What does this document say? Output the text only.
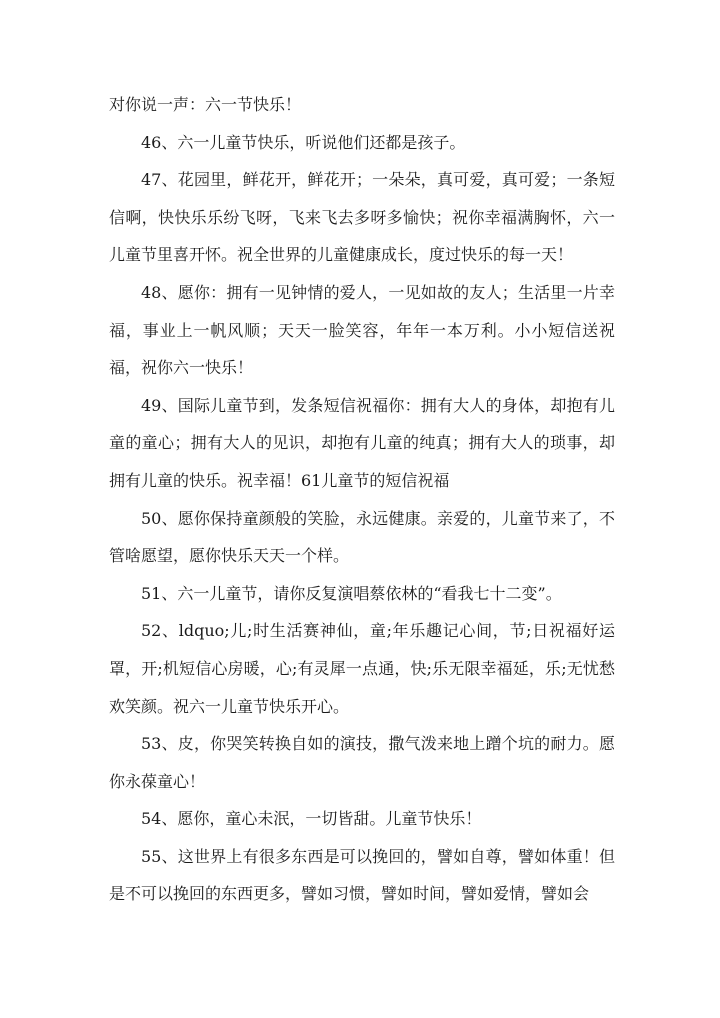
对你说一声：六一节快乐！

46、六一儿童节快乐，听说他们还都是孩子。

47、花园里，鲜花开，鲜花开；一朵朵，真可爱，真可爱；一条短信啊，快快乐乐纷飞呀，飞来飞去多呀多愉快；祝你幸福满胸怀，六一儿童节里喜开怀。祝全世界的儿童健康成长，度过快乐的每一天！

48、愿你：拥有一见钟情的爱人，一见如故的友人；生活里一片幸福，事业上一帆风顺；天天一脸笑容，年年一本万利。小小短信送祝福，祝你六一快乐！

49、国际儿童节到，发条短信祝福你：拥有大人的身体，却抱有儿童的童心；拥有大人的见识，却抱有儿童的纯真；拥有大人的琐事，却拥有儿童的快乐。祝幸福！61儿童节的短信祝福

50、愿你保持童颜般的笑脸，永远健康。亲爱的，儿童节来了，不管啥愿望，愿你快乐天天一个样。

51、六一儿童节，请你反复演唱蔡依林的“看我七十二变”。

52、ldquo;儿;时生活赛神仙，童;年乐趣记心间，节;日祝福好运罩，开;机短信心房暖，心;有灵犀一点通，快;乐无限幸福延，乐;无忧愁欢笑颜。祝六一儿童节快乐开心。

53、皮，你哭笑转换自如的演技，撒气泼来地上蹭个坑的耐力。愿你永葆童心！

54、愿你，童心未泯，一切皆甜。儿童节快乐！

55、这世界上有很多东西是可以挽回的，譬如自尊，譬如体重！但是不可以挽回的东西更多，譬如习惯，譬如时间，譬如爱情，譬如会
